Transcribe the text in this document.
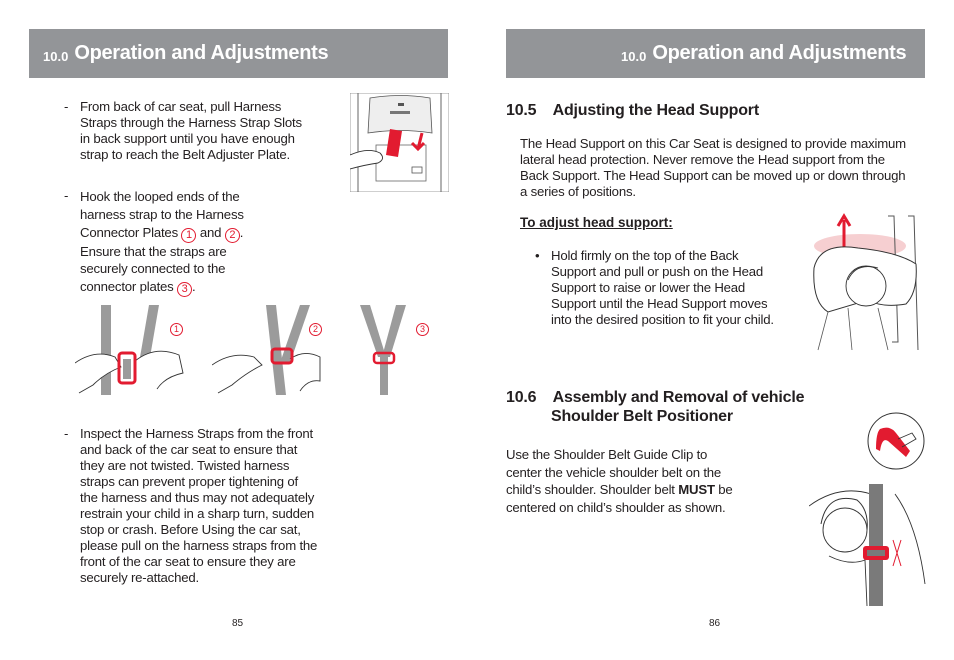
10.0 Operation and Adjustments
- From back of car seat, pull Harness
Straps through the Harness Strap Slots
in back support until you have enough
strap to reach the Belt Adjuster Plate.
- Hook the looped ends of the
harness strap to the Harness
Connector Plates 1 and 2 .
Ensure that the straps are
securely connected to the
connector plates 3 .
1	2	3
- Inspect the Harness Straps from the front
and back of the car seat to ensure that
they are not twisted. Twisted harness
straps can prevent proper tightening of
the harness and thus may not adequately
restrain your child in a sharp turn, sudden
stop or crash. Before Using the car sat,
please pull on the harness straps from the
front of the car seat to ensure they are
securely re-attached.
85
10.0 Operation and Adjustments
10.5 Adjusting the Head Support
The Head Support on this Car Seat is designed to provide maximum
lateral head protection. Never remove the Head support from the
Back Support. The Head Support can be moved up or down through
a series of positions.
To adjust head support:
• Hold firmly on the top of the Back
Support and pull or push on the Head
Support to raise or lower the Head
Support until the Head Support moves
into the desired position to fit your child.
10.6 Assembly and Removal of vehicle
Shoulder Belt Positioner
Use the Shoulder Belt Guide Clip to
center the vehicle shoulder belt on the
child’s shoulder. Shoulder belt MUST be
centered on child’s shoulder as shown.
86
